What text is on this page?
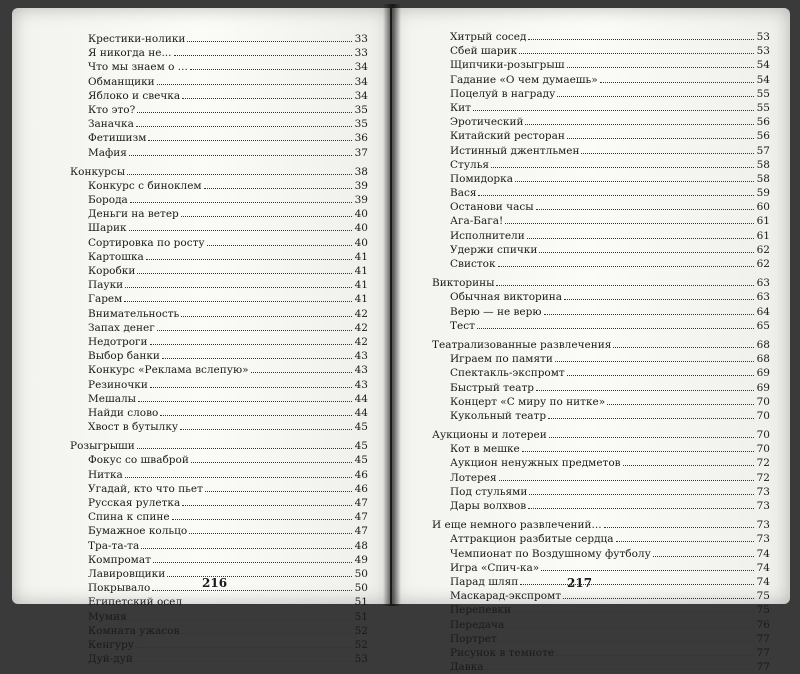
Крестики-нолики	33
Я никогда не...	33
Что мы знаем о ...	34
Обманщики	34
Яблоко и свечка	34
Кто это?	35
Заначка	35
Фетишизм	36
Мафия	37
Конкурсы	38
Конкурс с биноклем	39
Борода	39
Деньги на ветер	40
Шарик	40
Сортировка по росту	40
Картошка	41
Коробки	41
Пауки	41
Гарем	41
Внимательность	42
Запах денег	42
Недотроги	42
Выбор банки	43
Конкурс «Реклама вслепую»	43
Резиночки	43
Мешалы	44
Найди слово	44
Хвост в бутылку	45
Розыгрыши	45
Фокус со шваброй	45
Нитка	46
Угадай, кто что пьет	46
Русская рулетка	47
Спина к спине	47
Бумажное кольцо	47
Тра-та-та	48
Компромат	49
Лавировщики	50
Покрывало	50
Египетский осел	51
Мумия	51
Комната ужасов	52
Кенгуру	52
Дуй-дуй	53
216
Хитрый сосед	53
Сбей шарик	53
Щипчики-розыгрыш	54
Гадание «О чем думаешь»	54
Поцелуй в награду	55
Кит	55
Эротический	56
Китайский ресторан	56
Истинный джентльмен	57
Стулья	58
Помидорка	58
Вася	59
Останови часы	60
Ага-Бага!	61
Исполнители	61
Удержи спички	62
Свисток	62
Викторины	63
Обычная викторина	63
Верю — не верю	64
Тест	65
Театрализованные развлечения	68
Играем по памяти	68
Спектакль-экспромт	69
Быстрый театр	69
Концерт «С миру по нитке»	70
Кукольный театр	70
Аукционы и лотереи	70
Кот в мешке	70
Аукцион ненужных предметов	72
Лотерея	72
Под стульями	73
Дары волхвов	73
И еще немного развлечений...	73
Аттракцион разбитые сердца	73
Чемпионат по Воздушному футболу	74
Игра «Спич-ка»	74
Парад шляп	74
Маскарад-экспромт	75
Перепевки	75
Передача	76
Портрет	77
Рисунок в темноте	77
Давка	77
217
